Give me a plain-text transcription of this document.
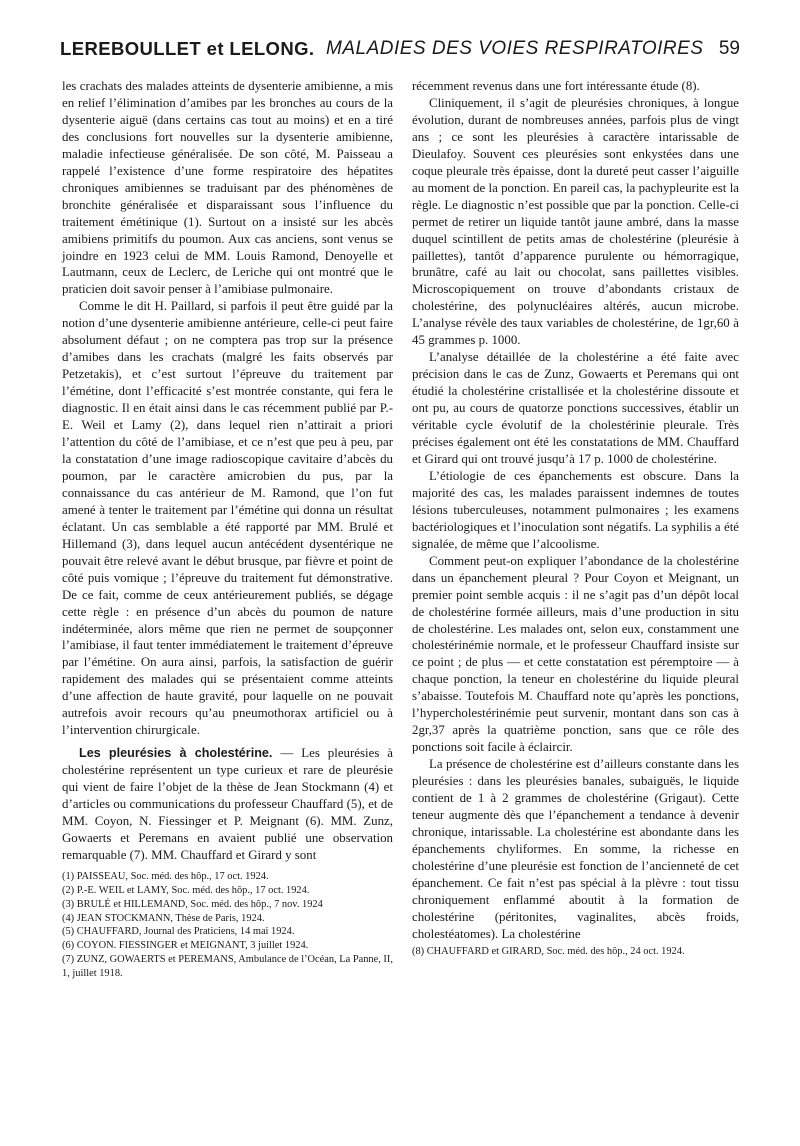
LEREBOULLET et LELONG. MALADIES DES VOIES RESPIRATOIRES 59

les crachats des malades atteints de dysenterie amibienne, a mis en relief l’élimination d’amibes par les bronches au cours de la dysenterie aiguë (dans certains cas tout au moins) et en a tiré des conclusions fort nouvelles sur la dysenterie amibienne, maladie infectieuse généralisée. De son côté, M. Paisseau a rappelé l’existence d’une forme respiratoire des hépatites chroniques amibiennes se traduisant par des phénomènes de bronchite généralisée et disparaissant sous l’influence du traitement émétinique (1). Surtout on a insisté sur les abcès amibiens primitifs du poumon. Aux cas anciens, sont venus se joindre en 1923 celui de MM. Louis Ramond, Denoyelle et Lautmann, ceux de Leclerc, de Leriche qui ont montré que le praticien doit savoir penser à l’amibiase pulmonaire.

Comme le dit H. Paillard, si parfois il peut être guidé par la notion d’une dysenterie amibienne antérieure, celle-ci peut faire absolument défaut ; on ne comptera pas trop sur la présence d’amibes dans les crachats (malgré les faits observés par Petzetakis), et c’est surtout l’épreuve du traitement par l’émétine, dont l’efficacité s’est montrée constante, qui fera le diagnostic. Il en était ainsi dans le cas récemment publié par P.-E. Weil et Lamy (2), dans lequel rien n’attirait a priori l’attention du côté de l’amibiase, et ce n’est que peu à peu, par la constatation d’une image radioscopique cavitaire d’abcès du poumon, par le caractère amicrobien du pus, par la connaissance du cas antérieur de M. Ramond, que l’on fut amené à tenter le traitement par l’émétine qui donna un résultat éclatant. Un cas semblable a été rapporté par MM. Brulé et Hillemand (3), dans lequel aucun antécédent dysentérique ne pouvait être relevé avant le début brusque, par fièvre et point de côté puis vomique ; l’épreuve du traitement fut démonstrative. De ce fait, comme de ceux antérieurement publiés, se dégage cette règle : en présence d’un abcès du poumon de nature indéterminée, alors même que rien ne permet de soupçonner l’amibiase, il faut tenter immédiatement le traitement d’épreuve par l’émétine. On aura ainsi, parfois, la satisfaction de guérir rapidement des malades qui se présentaient comme atteints d’une affection de haute gravité, pour laquelle on ne pouvait autrefois avoir recours qu’au pneumothorax artificiel ou à l’intervention chirurgicale.

Les pleurésies à cholestérine. — Les pleurésies à cholestérine représentent un type curieux et rare de pleurésie qui vient de faire l’objet de la thèse de Jean Stockmann (4) et d’articles ou communications du professeur Chauffard (5), et de MM. Coyon, N. Fiessinger et P. Meignant (6). MM. Zunz, Gowaerts et Peremans en avaient publié une observation remarquable (7). MM. Chauffard et Girard y sont

(1) PAISSEAU, Soc. méd. des hôp., 17 oct. 1924.
(2) P.-E. WEIL et LAMY, Soc. méd. des hôp., 17 oct. 1924.
(3) BRULÉ et HILLEMAND, Soc. méd. des hôp., 7 nov. 1924
(4) JEAN STOCKMANN, Thèse de Paris, 1924.
(5) CHAUFFARD, Journal des Praticiens, 14 mai 1924.
(6) COYON. FIESSINGER et MEIGNANT, 3 juillet 1924.
(7) ZUNZ, GOWAERTS et PEREMANS, Ambulance de l’Océan, La Panne, II, 1, juillet 1918.

récemment revenus dans une fort intéressante étude (8).

Cliniquement, il s’agit de pleurésies chroniques, à longue évolution, durant de nombreuses années, parfois plus de vingt ans ; ce sont les pleurésies à caractère intarissable de Dieulafoy. Souvent ces pleurésies sont enkystées dans une coque pleurale très épaisse, dont la dureté peut casser l’aiguille au moment de la ponction. En pareil cas, la pachypleurite est la règle. Le diagnostic n’est possible que par la ponction. Celle-ci permet de retirer un liquide tantôt jaune ambré, dans la masse duquel scintillent de petits amas de cholestérine (pleurésie à paillettes), tantôt d’apparence purulente ou hémorragique, brunâtre, café au lait ou chocolat, sans paillettes visibles. Microscopiquement on trouve d’abondants cristaux de cholestérine, des polynucléaires altérés, aucun microbe. L’analyse révèle des taux variables de cholestérine, de 1gr,60 à 45 grammes p. 1000.

L’analyse détaillée de la cholestérine a été faite avec précision dans le cas de Zunz, Gowaerts et Peremans qui ont étudié la cholestérine cristallisée et la cholestérine dissoute et ont pu, au cours de quatorze ponctions successives, établir un véritable cycle évolutif de la cholestérinie pleurale. Très précises également ont été les constatations de MM. Chauffard et Girard qui ont trouvé jusqu’à 17 p. 1000 de cholestérine.

L’étiologie de ces épanchements est obscure. Dans la majorité des cas, les malades paraissent indemnes de toutes lésions tuberculeuses, notamment pulmonaires ; les examens bactériologiques et l’inoculation sont négatifs. La syphilis a été signalée, de même que l’alcoolisme.

Comment peut-on expliquer l’abondance de la cholestérine dans un épanchement pleural ? Pour Coyon et Meignant, un premier point semble acquis : il ne s’agit pas d’un dépôt local de cholestérine formée ailleurs, mais d’une production in situ de cholestérine. Les malades ont, selon eux, constamment une cholestérinémie normale, et le professeur Chauffard insiste sur ce point ; de plus — et cette constatation est péremptoire — à chaque ponction, la teneur en cholestérine du liquide pleural s’abaisse. Toutefois M. Chauffard note qu’après les ponctions, l’hypercholestérinémie peut survenir, montant dans son cas à 2gr,37 après la quatrième ponction, sans que ce rôle des ponctions soit facile à éclaircir.

La présence de cholestérine est d’ailleurs constante dans les pleurésies : dans les pleurésies banales, subaiguës, le liquide contient de 1 à 2 grammes de cholestérine (Grigaut). Cette teneur augmente dès que l’épanchement a tendance à devenir chronique, intarissable. La cholestérine est abondante dans les épanchements chyliformes. En somme, la richesse en cholestérine d’une pleurésie est fonction de l’ancienneté de cet épanchement. Ce fait n’est pas spécial à la plèvre : tout tissu chroniquement enflammé aboutit à la formation de cholestérine (péritonites, vaginalites, abcès froids, cholestéatomes). La cholestérine

(8) CHAUFFARD et GIRARD, Soc. méd. des hôp., 24 oct. 1924.
